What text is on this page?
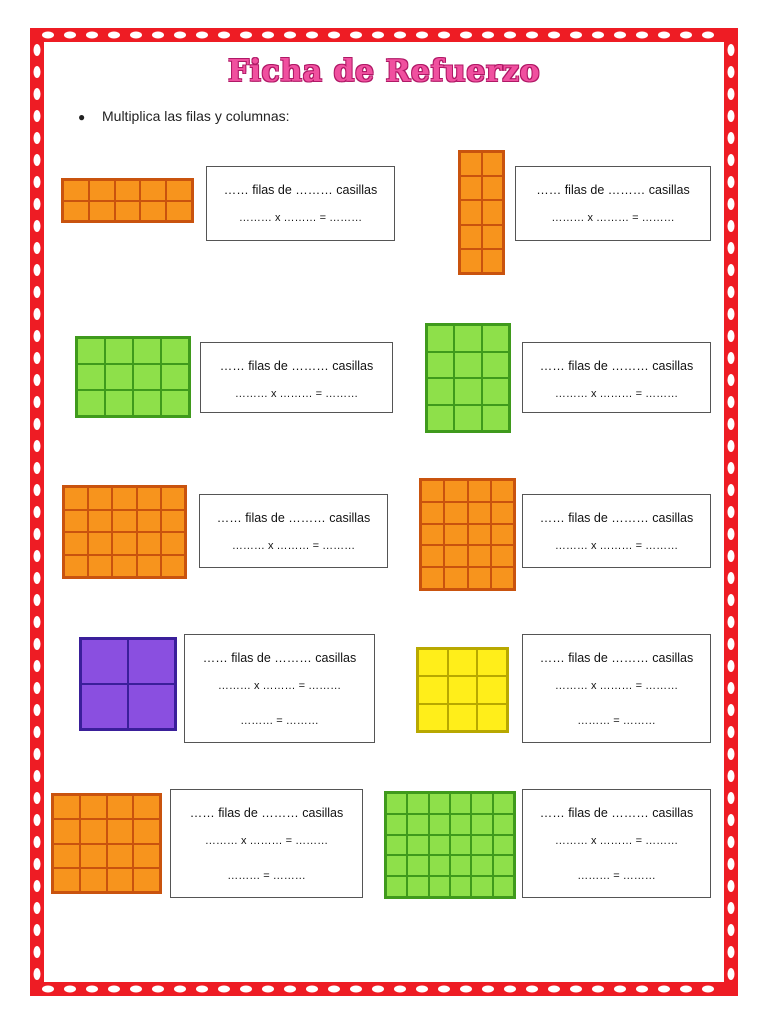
Ficha de Refuerzo
● Multiplica las filas y columnas:
…… filas de ……… casillas
……… x ……… = ………
…… filas de ……… casillas
……… x ……… = ………
…… filas de ……… casillas
……… x ……… = ………
…… filas de ……… casillas
……… x ……… = ………
…… filas de ……… casillas
……… x ……… = ………
…… filas de ……… casillas
……… x ……… = ………
…… filas de ……… casillas
……… x ……… = ………
……… = ………
…… filas de ……… casillas
……… x ……… = ………
……… = ………
…… filas de ……… casillas
……… x ……… = ………
……… = ………
…… filas de ……… casillas
……… x ……… = ………
……… = ………
